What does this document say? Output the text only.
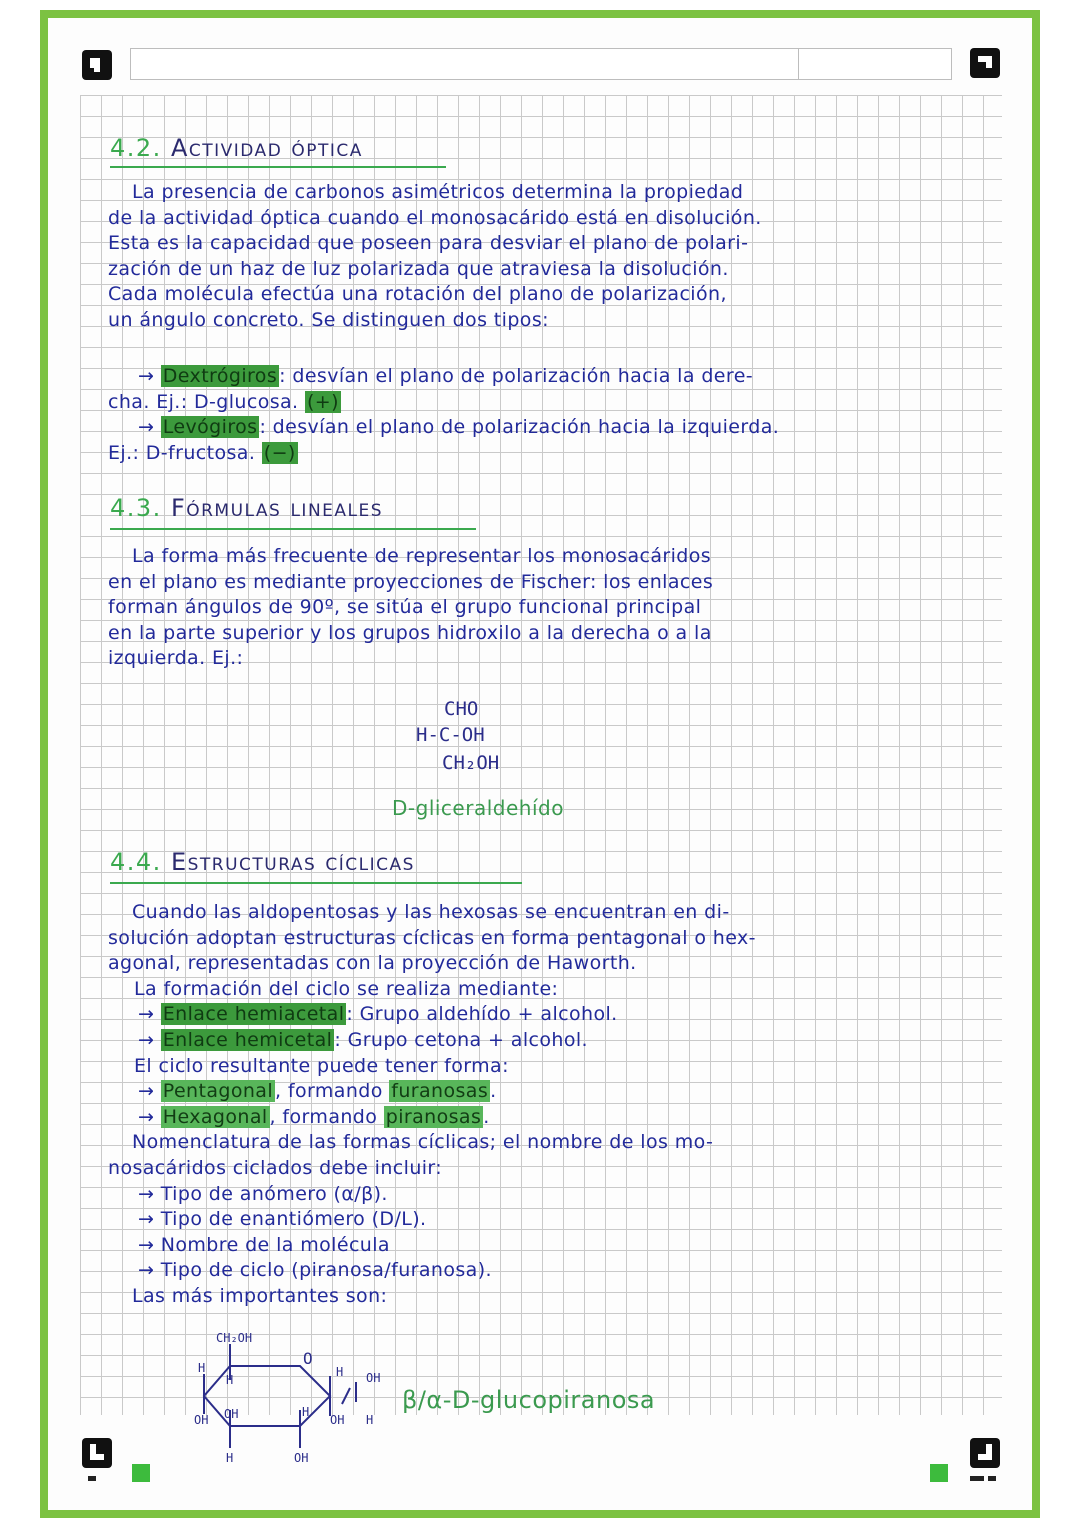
4.2. Actividad óptica
La presencia de carbonos asimétricos determina la propiedad
de la actividad óptica cuando el monosacárido está en disolución.
Esta es la capacidad que poseen para desviar el plano de polari-
zación de un haz de luz polarizada que atraviesa la disolución.
Cada molécula efectúa una rotación del plano de polarización,
un ángulo concreto. Se distinguen dos tipos:
→ Dextrógiros : desvían el plano de polarización hacia la dere-
cha. Ej.: D-glucosa. (+)
→ Levógiros : desvían el plano de polarización hacia la izquierda.
Ej.: D-fructosa. (−)
4.3. Fórmulas lineales
La forma más frecuente de representar los monosacáridos
en el plano es mediante proyecciones de Fischer: los enlaces
forman ángulos de 90º, se sitúa el grupo funcional principal
en la parte superior y los grupos hidroxilo a la derecha o a la
izquierda. Ej.:
CHO
H-C-OH
CH₂OH
D-gliceraldehído
4.4. Estructuras cíclicas
Cuando las aldopentosas y las hexosas se encuentran en di-
solución adoptan estructuras cíclicas en forma pentagonal o hex-
agonal, representadas con la proyección de Haworth.
La formación del ciclo se realiza mediante:
→ Enlace hemiacetal : Grupo aldehído + alcohol.
→ Enlace hemicetal : Grupo cetona + alcohol.
El ciclo resultante puede tener forma:
→ Pentagonal , formando furanosas .
→ Hexagonal , formando piranosas .
Nomenclatura de las formas cíclicas; el nombre de los mo-
nosacáridos ciclados debe incluir:
→ Tipo de anómero (α/β).
→ Tipo de enantiómero (D/L).
→ Nombre de la molécula
→ Tipo de ciclo (piranosa/furanosa).
Las más importantes son:
CH₂OH
O
H
H
H OH
OH OH	H
OH H
H	OH
β/α-D-glucopiranosa
